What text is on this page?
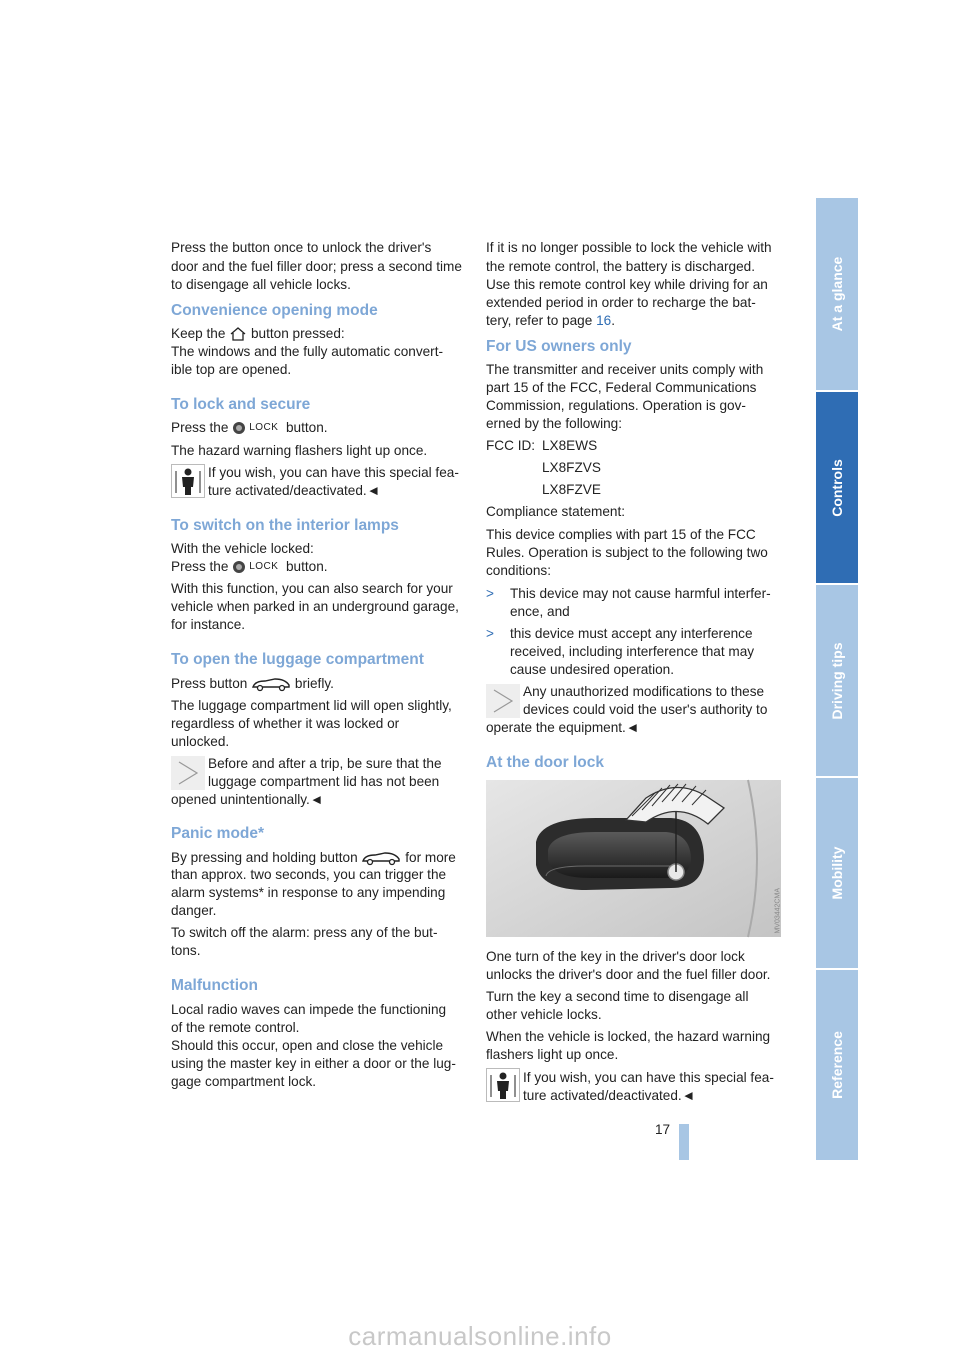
Press the button once to unlock the driver's
door and the fuel filler door; press a second time
to disengage all vehicle locks.
Convenience opening mode
Keep the button pressed:
The windows and the fully automatic convert-
ible top are opened.
To lock and secure
Press the LOCK button.
The hazard warning flashers light up once.
If you wish, you can have this special fea-
ture activated/deactivated.◄
To switch on the interior lamps
With the vehicle locked:
Press the LOCK button.
With this function, you can also search for your
vehicle when parked in an underground garage,
for instance.
To open the luggage compartment
Press button	briefly.
The luggage compartment lid will open slightly,
regardless of whether it was locked or
unlocked.
Before and after a trip, be sure that the
luggage compartment lid has not been
opened unintentionally.◄
Panic mode*
By pressing and holding button	for more
than approx. two seconds, you can trigger the
alarm systems* in response to any impending
danger.
To switch off the alarm: press any of the but-
tons.
Malfunction
Local radio waves can impede the functioning
of the remote control.
Should this occur, open and close the vehicle
using the master key in either a door or the lug-
gage compartment lock.
If it is no longer possible to lock the vehicle with
the remote control, the battery is discharged.
Use this remote control key while driving for an
extended period in order to recharge the bat-
tery, refer to page 16.
For US owners only
The transmitter and receiver units comply with
part 15 of the FCC, Federal Communications
Commission, regulations. Operation is gov-
erned by the following:
FCC ID: LX8EWS
LX8FZVS
LX8FZVE
Compliance statement:
This device complies with part 15 of the FCC
Rules. Operation is subject to the following two
conditions:
> This device may not cause harmful interfer-
ence, and
> this device must accept any interference
received, including interference that may
cause undesired operation.
Any unauthorized modifications to these
devices could void the user's authority to
operate the equipment.◄
At the door lock
MV03442CMA
One turn of the key in the driver's door lock
unlocks the driver's door and the fuel filler door.
Turn the key a second time to disengage all
other vehicle locks.
When the vehicle is locked, the hazard warning
flashers light up once.
If you wish, you can have this special fea-
ture activated/deactivated.◄
17
At a glance
Controls
Driving tips
Mobility
Reference
carmanualsonline.info
